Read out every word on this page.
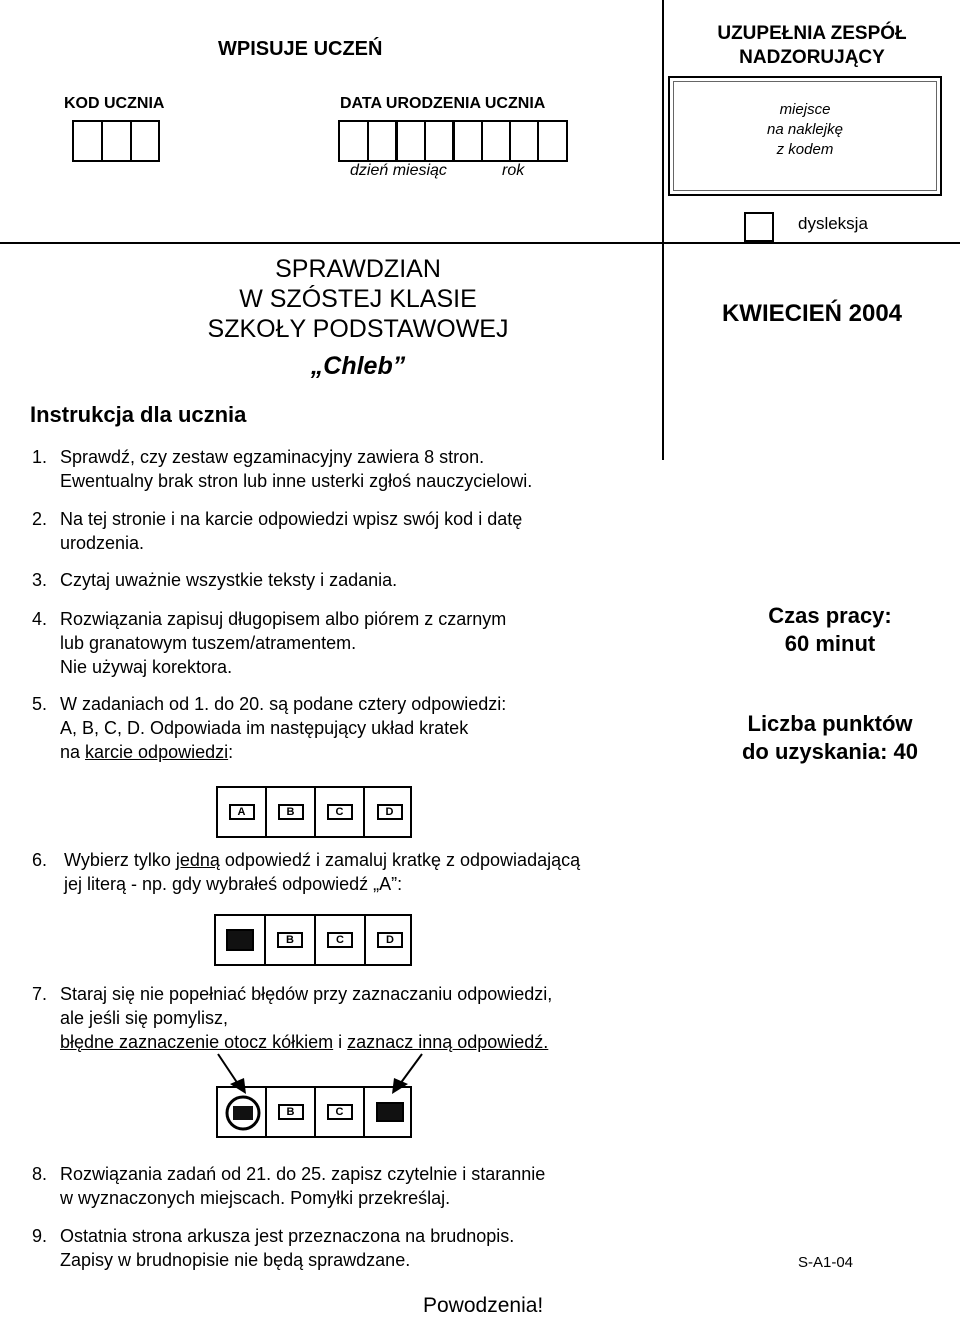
WPISUJE UCZEŃ
KOD UCZNIA	DATA URODZENIA UCZNIA
dzień miesiąc	rok
UZUPEŁNIA ZESPÓŁ
NADZORUJĄCY
miejsce
na naklejkę
z kodem
dysleksja
SPRAWDZIAN
W SZÓSTEJ KLASIE
SZKOŁY PODSTAWOWEJ
„Chleb”
KWIECIEŃ 2004
Instrukcja dla ucznia
1. Sprawdź, czy zestaw egzaminacyjny zawiera 8 stron.
Ewentualny brak stron lub inne usterki zgłoś nauczycielowi.
2. Na tej stronie i na karcie odpowiedzi wpisz swój kod i datę
urodzenia.
3. Czytaj uważnie wszystkie teksty i zadania.
4. Rozwiązania zapisuj długopisem albo piórem z czarnym
lub granatowym tuszem/atramentem.
Nie używaj korektora.
5. W zadaniach od 1. do 20. są podane cztery odpowiedzi:
A, B, C, D. Odpowiada im następujący układ kratek
na karcie odpowiedzi:
Czas pracy:
60 minut
Liczba punktów
do uzyskania: 40
A	B	C	D
6. Wybierz tylko jedną odpowiedź i zamaluj kratkę z odpowiadającą
jej literą - np. gdy wybrałeś odpowiedź „A”:
B	C	D
7. Staraj się nie popełniać błędów przy zaznaczaniu odpowiedzi,
ale jeśli się pomylisz,
błędne zaznaczenie otocz kółkiem i zaznacz inną odpowiedź.
B	C
8. Rozwiązania zadań od 21. do 25. zapisz czytelnie i starannie
w wyznaczonych miejscach. Pomyłki przekreślaj.
9. Ostatnia strona arkusza jest przeznaczona na brudnopis.
Zapisy w brudnopisie nie będą sprawdzane.	S-A1-04
Powodzenia!
